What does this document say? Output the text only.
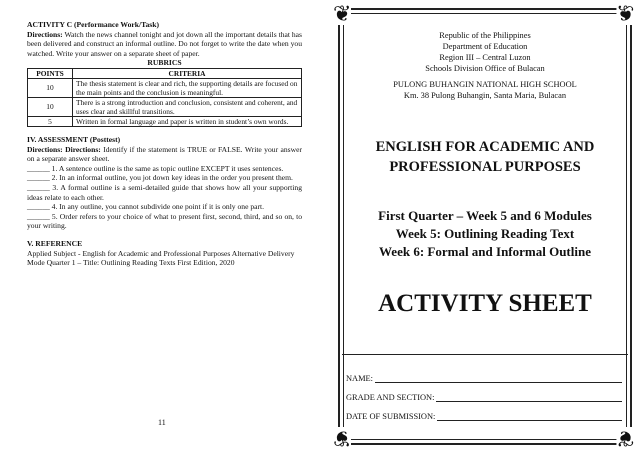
ACTIVITY C (Performance Work/Task)

Directions: Watch the news channel tonight and jot down all the important details that has been delivered and construct an informal outline. Do not forget to write the date when you watched. Write your answer on a separate sheet of paper.

RUBRICS
POINTS	CRITERIA
10	The thesis statement is clear and rich, the supporting details are focused on the main points and the conclusion is meaningful.
10	There is a strong introduction and conclusion, consistent and coherent, and uses clear and skillful transitions.
5	Written in formal language and paper is written in student’s own words.
IV. ASSESSMENT (Posttest)

Directions: Directions: Identify if the statement is TRUE or FALSE. Write your answer on a separate answer sheet.

______ 1. A sentence outline is the same as topic outline EXCEPT it uses sentences.

______ 2. In an informal outline, you jot down key ideas in the order you present them.

______ 3. A formal outline is a semi-detailed guide that shows how all your supporting ideas relate to each other.

______ 4. In any outline, you cannot subdivide one point if it is only one part.

______ 5. Order refers to your choice of what to present first, second, third, and so on, to your writing.

V. REFERENCE

Applied Subject - English for Academic and Professional Purposes Alternative Delivery Mode Quarter 1 – Title: Outlining Reading Texts First Edition, 2020

11
❦	❦
❦	❦
Republic of the Philippines
Department of Education
Region III – Central Luzon
Schools Division Office of Bulacan
PULONG BUHANGIN NATIONAL HIGH SCHOOL
Km. 38 Pulong Buhangin, Santa Maria, Bulacan
ENGLISH FOR ACADEMIC AND
PROFESSIONAL PURPOSES
First Quarter – Week 5 and 6 Modules
Week 5: Outlining Reading Text
Week 6: Formal and Informal Outline
ACTIVITY SHEET
NAME:
GRADE AND SECTION:
DATE OF SUBMISSION:
